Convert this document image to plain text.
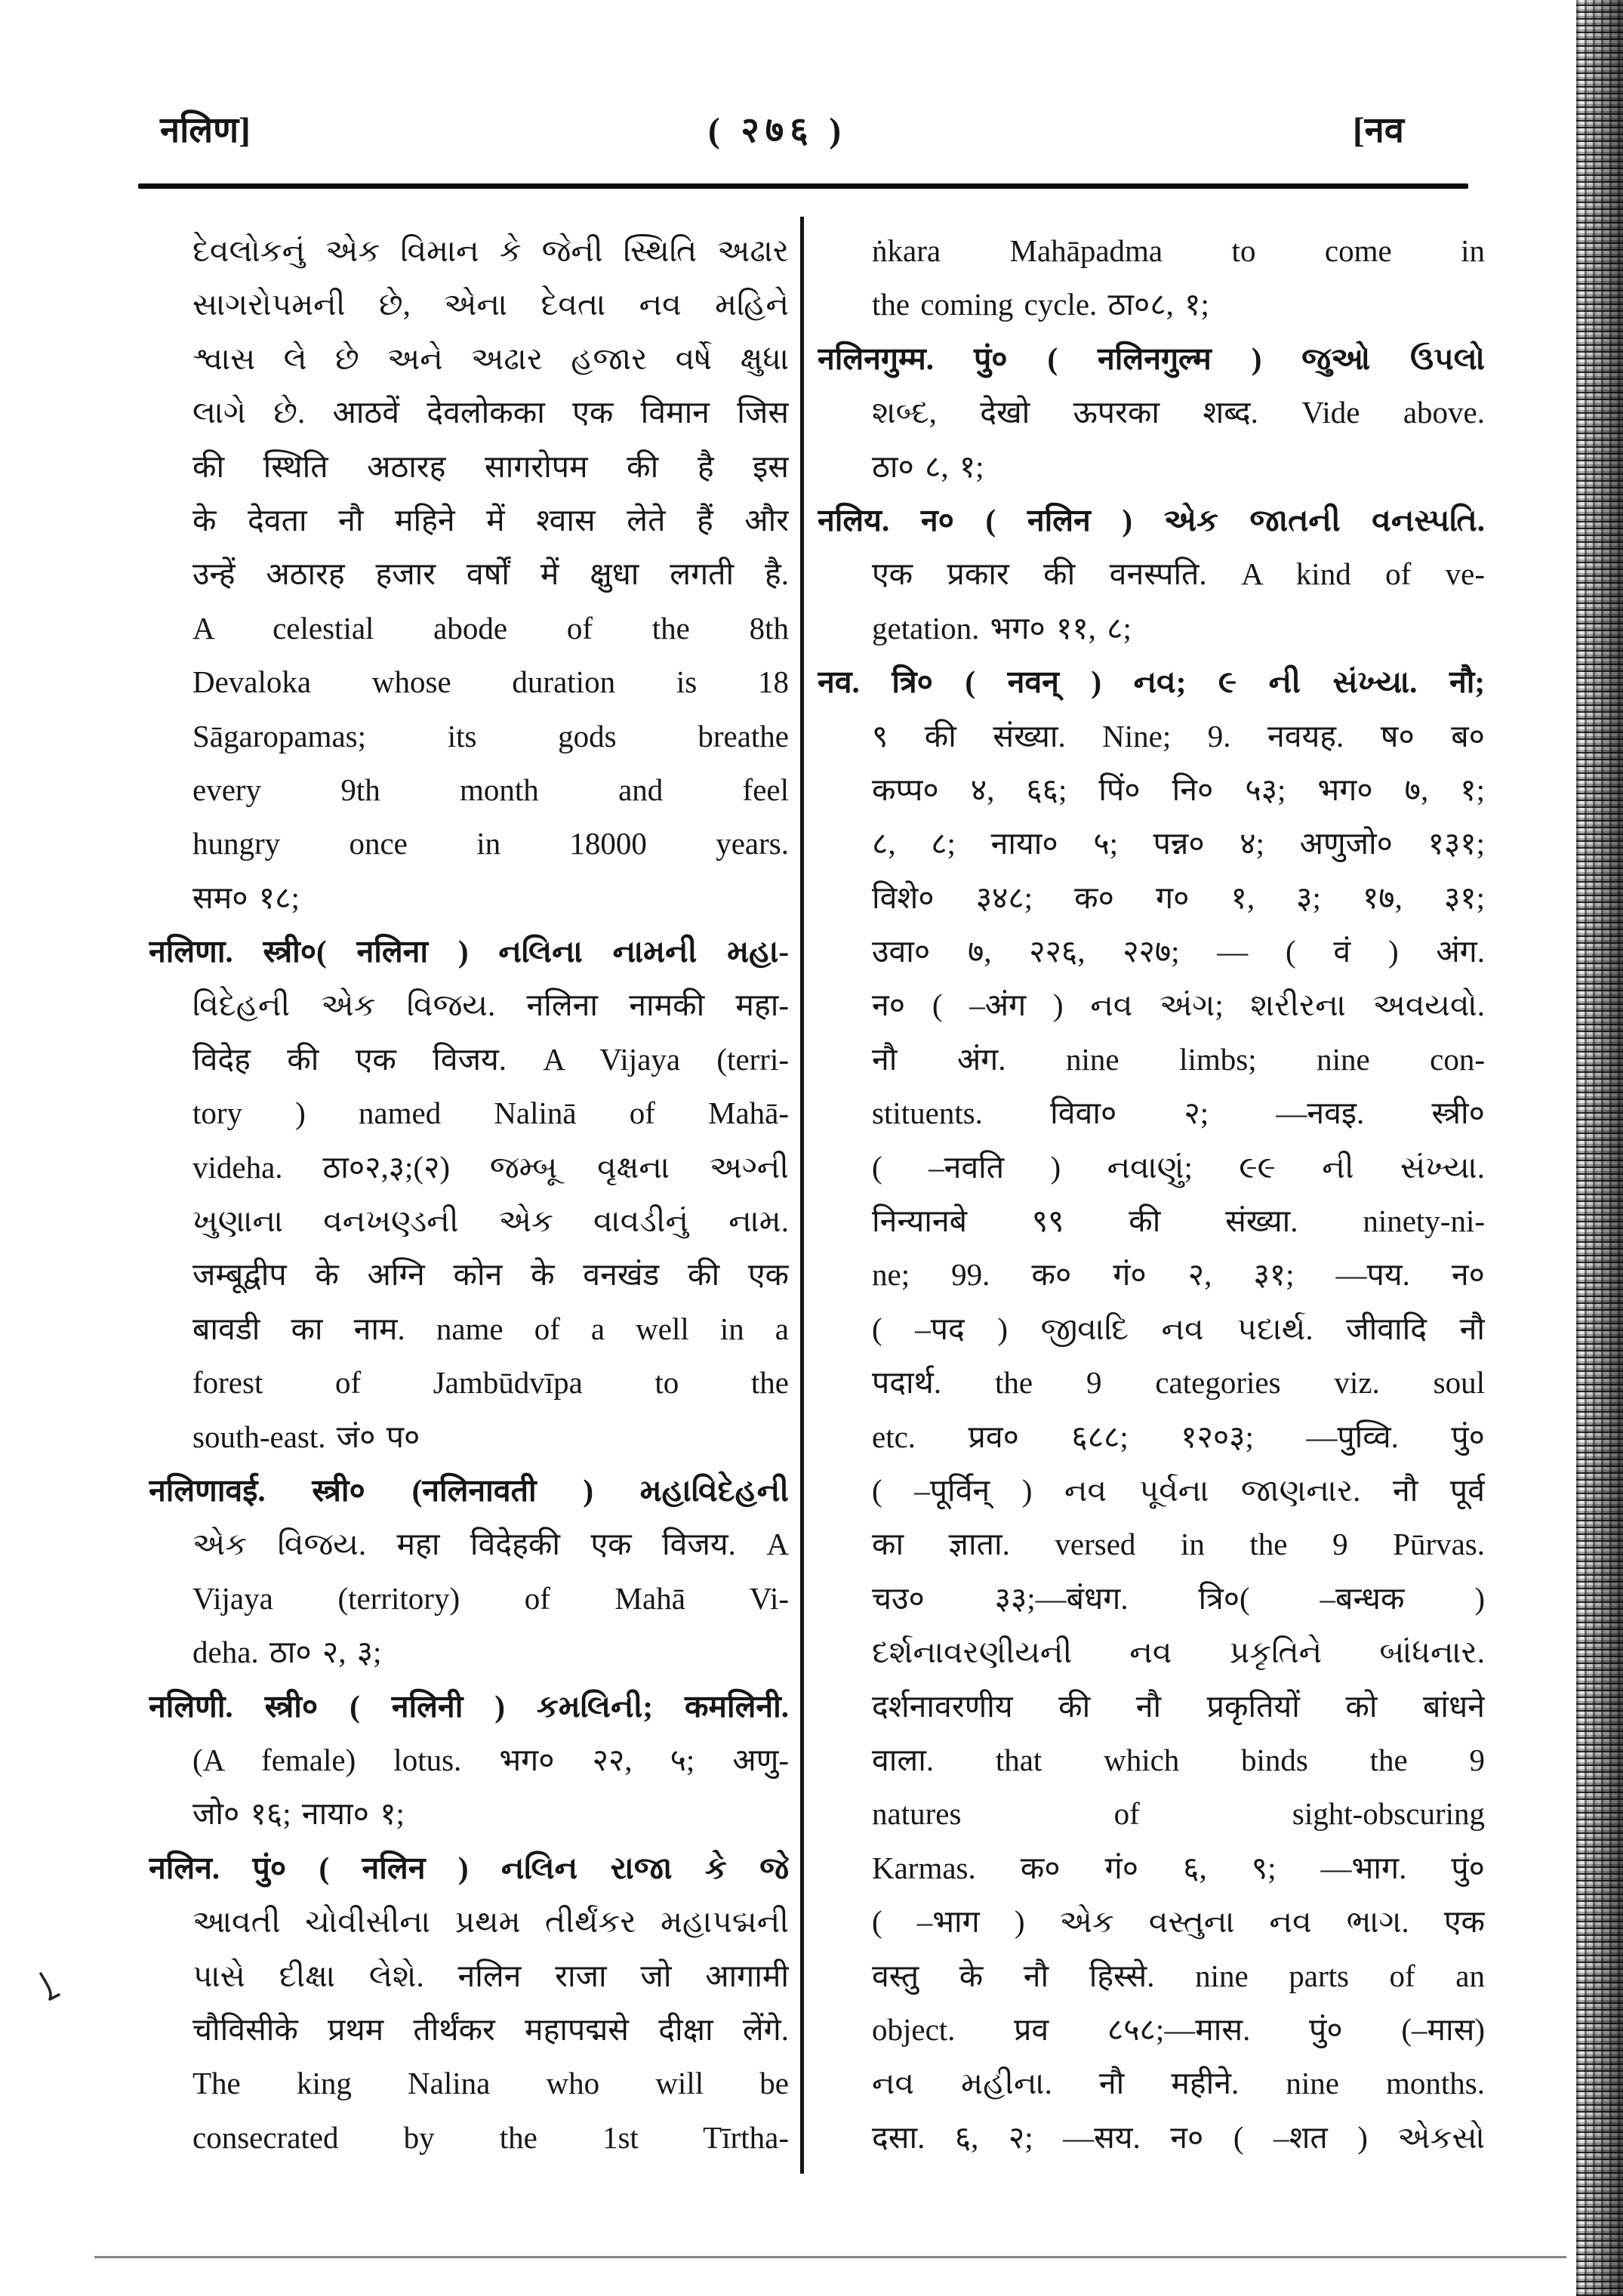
नलिण]	( २७६ )	[नव
દેવલોકનું એક વિમાન કે જેની સ્થિતિ અઢાર
સાગરોપમની છે, એના દેવતા નવ મહિને
શ્વાસ લે છે અને અઢાર હજાર વર્ષે ક્ષુધા
લાગે છે. आठवें देवलोकका एक विमान जिस
की स्थिति अठारह सागरोपम की है इस
के देवता नौ महिने में श्वास लेते हैं और
उन्हें अठारह हजार वर्षों में क्षुधा लगती है.
A celestial abode of the 8th
Devaloka whose duration is 18
Sāgaropamas; its gods breathe
every 9th month and feel
hungry once in 18000 years.
सम० १८;
नलिणा. स्त्री०( नलिना ) નલિના નામની મહા-
વિદેહની એક વિજય. नलिना नामकी महा-
विदेह की एक विजय. A Vijaya (terri-
tory ) named Nalinā of Mahā-
videha. ठा०२,३;(२) જમ્બૂ વૃક્ષના અગ્ની
ખુણાના વનખણ્ડની એક વાવડીનું નામ.
जम्बूद्वीप के अग्नि कोन के वनखंड की एक
बावडी का नाम. name of a well in a
forest of Jambūdvīpa to the
south-east. जं० प०
नलिणावई. स्त्री० (नलिनावती ) મહાવિદેહની
એક વિજય. महा विदेहकी एक विजय. A
Vijaya (territory) of Mahā Vi-
deha. ठा० २, ३;
नलिणी. स्त्री० ( नलिनी ) કમલિની; कमलिनी.
(A female) lotus. भग० २२, ५; अणु-
जो० १६; नाया० १;
नलिन. पुं० ( नलिन ) નલિન રાજા કે જે
આવતી ચોવીસીના પ્રથમ તીર્થંકર મહાપદ્મની
પાસે દીક્ષા લેશે. नलिन राजा जो आगामी
चौविसीके प्रथम तीर्थंकर महापद्मसे दीक्षा लेंगे.
The king Nalina who will be
consecrated by the 1st Tīrtha-
ṅkara Mahāpadma to come in
the coming cycle. ठा०८, १;
नलिनगुम्म. पुं० ( नलिनगुल्म ) જુઓ ઉપલો
શબ્દ, देखो ऊपरका शब्द. Vide above.
ठा० ८, १;
नलिय. न० ( नलिन ) એક જાતની વનસ્પતિ.
एक प्रकार की वनस्पति. A kind of ve-
getation. भग० ११, ८;
नव. त्रि० ( नवन् ) નવ; ૯ ની સંખ્યા. नौ;
९ की संख्या. Nine; 9. नवयह. ष० ब०
कप्प० ४, ६६; पिं० नि० ५३; भग० ७, १;
८, ८; नाया० ५; पन्न० ४; अणुजो० १३१;
विशे० ३४८; क० ग० १, ३; १७, ३१;
उवा० ७, २२६, २२७; — ( वं ) अंग.
न० ( –अंग ) નવ અંગ; શરીરના અવયવો.
नौ अंग. nine limbs; nine con-
stituents. विवा० २; —नवइ. स्त्री०
( –नवति ) નવાણું; ૯૯ ની સંખ્યા.
निन्यानबे ९९ की संख्या. ninety-ni-
ne; 99. क० गं० २, ३१; —पय. न०
( –पद ) જીવાદિ નવ પદાર્થ. जीवादि नौ
पदार्थ. the 9 categories viz. soul
etc. प्रव० ६८८; १२०३; —पुव्वि. पुं०
( –पूर्विन् ) નવ પૂર્વના જાણનાર. नौ पूर्व
का ज्ञाता. versed in the 9 Pūrvas.
चउ० ३३;—बंधग. त्रि०( –बन्धक )
દર્શનાવરણીયની નવ પ્રકૃતિને બાંધનાર.
दर्शनावरणीय की नौ प्रकृतियों को बांधने
वाला. that which binds the 9
natures of sight-obscuring
Karmas. क० गं० ६, ९; —भाग. पुं०
( –भाग ) એક વસ્તુના નવ ભાગ. एक
वस्तु के नौ हिस्से. nine parts of an
object. प्रव ८५८;—मास. पुं० (–मास)
નવ મહીના. नौ महीने. nine months.
दसा. ६, २; —सय. न० ( –शत ) એકસો
